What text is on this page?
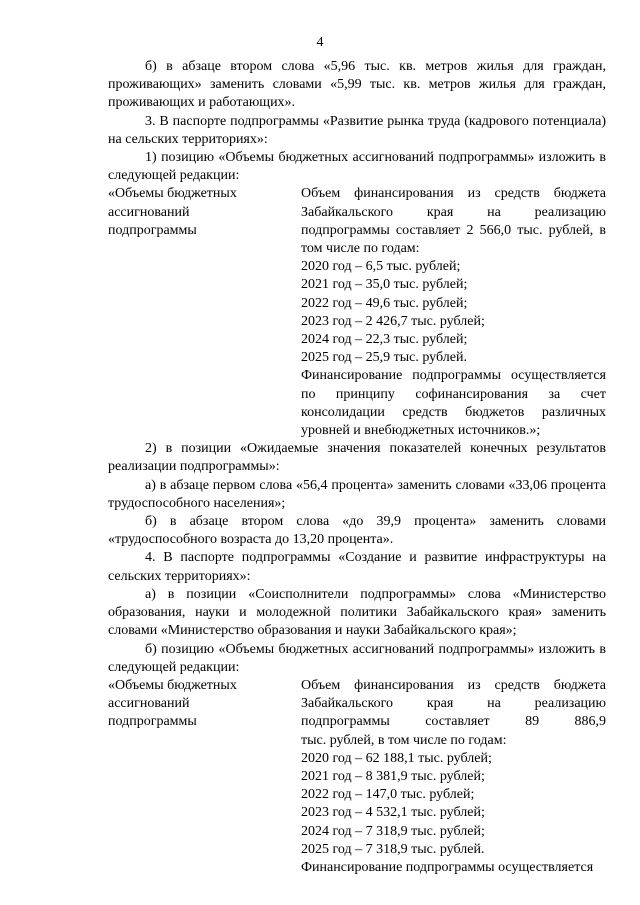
4

б) в абзаце втором слова «5,96 тыс. кв. метров жилья для граждан, проживающих» заменить словами «5,99 тыс. кв. метров жилья для граждан, проживающих и работающих».

3. В паспорте подпрограммы «Развитие рынка труда (кадрового потенциала) на сельских территориях»:

1) позицию «Объемы бюджетных ассигнований подпрограммы» изложить в следующей редакции:

«Объемы бюджетных
ассигнований
подпрограммы
Объем финансирования из средств бюджета Забайкальского края на реализацию подпрограммы составляет 2 566,0 тыс. рублей, в том числе по годам:
2020 год – 6,5 тыс. рублей;
2021 год – 35,0 тыс. рублей;
2022 год – 49,6 тыс. рублей;
2023 год – 2 426,7 тыс. рублей;
2024 год – 22,3 тыс. рублей;
2025 год – 25,9 тыс. рублей.
Финансирование подпрограммы осуществляется по принципу софинансирования за счет консолидации средств бюджетов различных уровней и внебюджетных источников.»;

2) в позиции «Ожидаемые значения показателей конечных результатов реализации подпрограммы»:

а) в абзаце первом слова «56,4 процента» заменить словами «33,06 процента трудоспособного населения»;

б) в абзаце втором слова «до 39,9 процента» заменить словами «трудоспособного возраста до 13,20 процента».

4. В паспорте подпрограммы «Создание и развитие инфраструктуры на сельских территориях»:

а) в позиции «Соисполнители подпрограммы» слова «Министерство образования, науки и молодежной политики Забайкальского края» заменить словами «Министерство образования и науки Забайкальского края»;

б) позицию «Объемы бюджетных ассигнований подпрограммы» изложить в следующей редакции:

«Объемы бюджетных
ассигнований
подпрограммы
Объем финансирования из средств бюджета Забайкальского края на реализацию подпрограммы составляет 89 886,9
тыс. рублей, в том числе по годам:
2020 год – 62 188,1 тыс. рублей;
2021 год – 8 381,9 тыс. рублей;
2022 год – 147,0 тыс. рублей;
2023 год – 4 532,1 тыс. рублей;
2024 год – 7 318,9 тыс. рублей;
2025 год – 7 318,9 тыс. рублей.
Финансирование подпрограммы осуществляется
